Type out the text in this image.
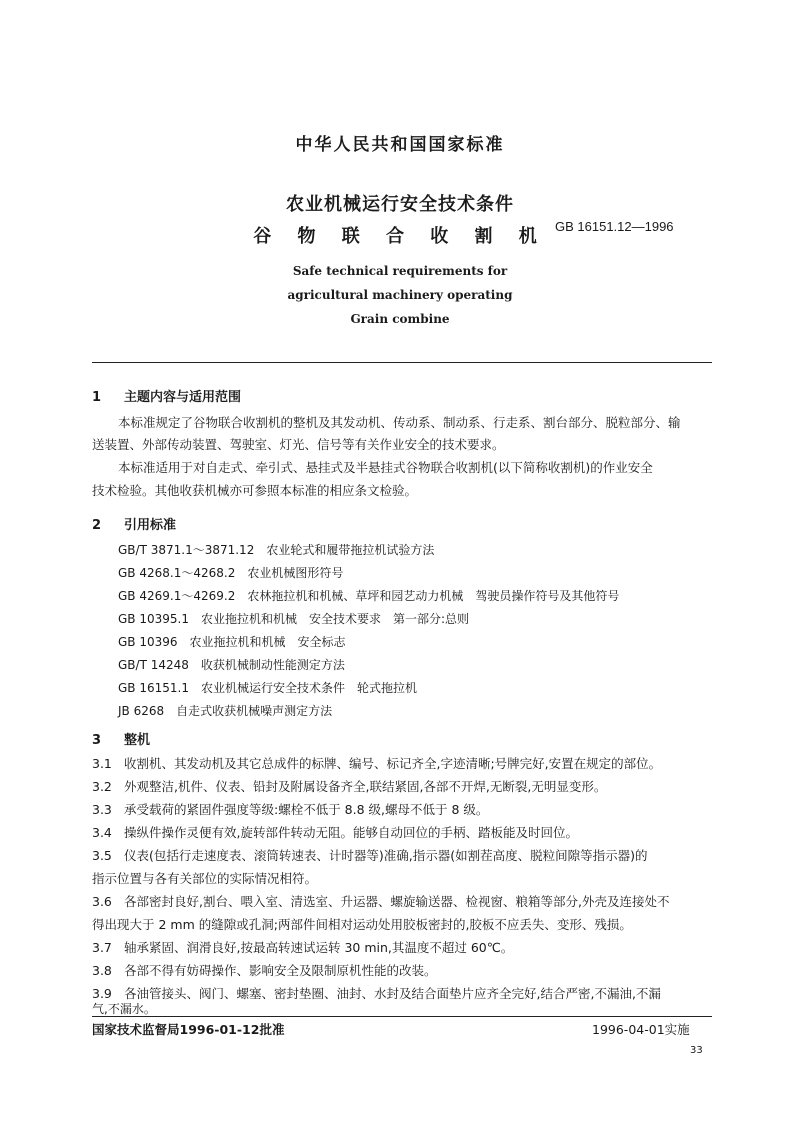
中华人民共和国国家标准
农业机械运行安全技术条件
谷 物 联 合 收 割 机 GB 16151.12—1996
Safe technical requirements for
agricultural machinery operating
Grain combine
1 主题内容与适用范围
本标准规定了谷物联合收割机的整机及其发动机、传动系、制动系、行走系、割台部分、脱粒部分、输
送装置、外部传动装置、驾驶室、灯光、信号等有关作业安全的技术要求。
本标准适用于对自走式、牵引式、悬挂式及半悬挂式谷物联合收割机(以下简称收割机)的作业安全
技术检验。其他收获机械亦可参照本标准的相应条文检验。
2 引用标准
GB/T 3871.1～3871.12　农业轮式和履带拖拉机试验方法
GB 4268.1～4268.2　农业机械图形符号
GB 4269.1～4269.2　农林拖拉机和机械、草坪和园艺动力机械　驾驶员操作符号及其他符号
GB 10395.1　农业拖拉机和机械　安全技术要求　第一部分:总则
GB 10396　农业拖拉机和机械　安全标志
GB/T 14248　收获机械制动性能测定方法
GB 16151.1　农业机械运行安全技术条件　轮式拖拉机
JB 6268　自走式收获机械噪声测定方法
3 整机
3.1 收割机、其发动机及其它总成件的标牌、编号、标记齐全,字迹清晰;号牌完好,安置在规定的部位。
3.2 外观整洁,机件、仪表、铅封及附属设备齐全,联结紧固,各部不开焊,无断裂,无明显变形。
3.3 承受载荷的紧固件强度等级:螺栓不低于 8.8 级,螺母不低于 8 级。
3.4 操纵件操作灵便有效,旋转部件转动无阻。能够自动回位的手柄、踏板能及时回位。
3.5 仪表(包括行走速度表、滚筒转速表、计时器等)准确,指示器(如割茬高度、脱粒间隙等指示器)的
指示位置与各有关部位的实际情况相符。
3.6 各部密封良好,割台、喂入室、清选室、升运器、螺旋输送器、检视窗、粮箱等部分,外壳及连接处不
得出现大于 2 mm 的缝隙或孔洞;两部件间相对运动处用胶板密封的,胶板不应丢失、变形、残损。
3.7 轴承紧固、润滑良好,按最高转速试运转 30 min,其温度不超过 60℃。
3.8 各部不得有妨碍操作、影响安全及限制原机性能的改装。
3.9 各油管接头、阀门、螺塞、密封垫圈、油封、水封及结合面垫片应齐全完好,结合严密,不漏油,不漏
气,不漏水。
国家技术监督局1996-01-12批准	1996-04-01实施
33
